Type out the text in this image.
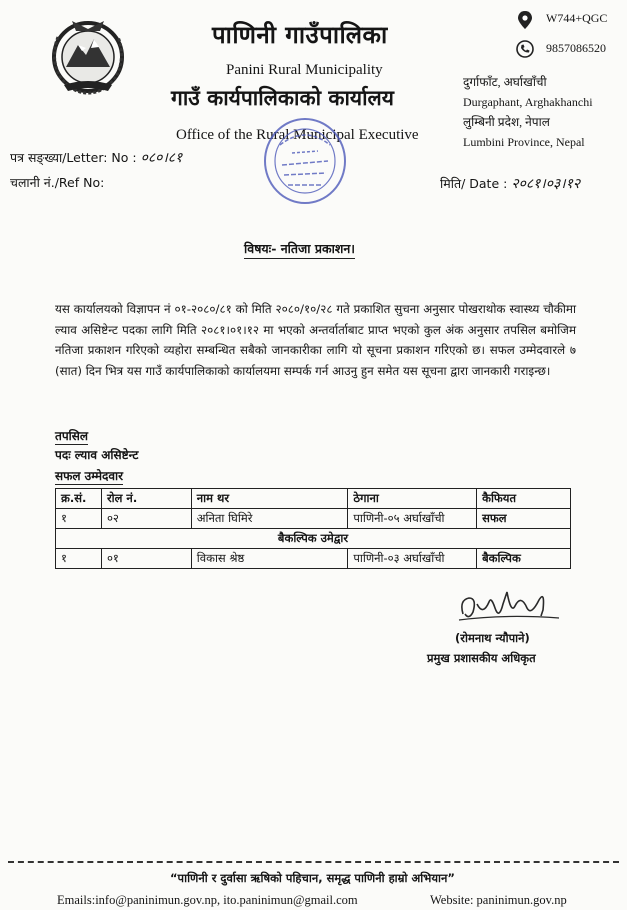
पाणिनी गाउँपालिका
Panini Rural Municipality
गाउँ कार्यपालिकाको कार्यालय
Office of the Rural Municipal Executive
W744+QGC
9857086520
दुर्गाफाँट, अर्घाखाँची
Durgaphant, Arghakhanchi
लुम्बिनी प्रदेश, नेपाल
Lumbini Province, Nepal
पत्र सङ्ख्या/Letter: No : ०८०।८१
चलानी नं./Ref No:	मिति/ Date : २०८१।०३।१२
विषयः- नतिजा प्रकाशन।
यस कार्यालयको विज्ञापन नं ०१-२०८०/८१ को मिति २०८०/१०/२८ गते प्रकाशित सुचना अनुसार पोखराथोक स्वास्थ्य चौकीमा ल्याव असिष्टेन्ट पदका लागि मिति २०८१।०१।१२ मा भएको अन्तर्वार्ताबाट प्राप्त भएको कुल अंक अनुसार तपसिल बमोजिम नतिजा प्रकाशन गरिएको व्यहोरा सम्बन्धित सबैको जानकारीका लागि यो सूचना प्रकाशन गरिएको छ। सफल उम्मेदवारले ७ (सात) दिन भित्र यस गाउँ कार्यपालिकाको कार्यालयमा सम्पर्क गर्न आउनु हुन समेत यस सूचना द्वारा जानकारी गराइन्छ।
तपसिल
पदः ल्याव असिष्टेन्ट
सफल उम्मेदवार
क्र.सं.	रोल नं.	नाम थर	ठेगाना	कैफियत
१	०२	अनिता घिमिरे	पाणिनी-०५ अर्घाखाँची	सफल
बैकल्पिक उमेद्वार				
१	०१	विकास श्रेष्ठ	पाणिनी-०३ अर्घाखाँची	बैकल्पिक
(रोमनाथ न्यौपाने)
प्रमुख प्रशासकीय अधिकृत
“पाणिनी र दुर्वासा ऋषिको पहिचान, समृद्ध पाणिनी हाम्रो अभियान”
Emails:info@paninimun.gov.np, ito.paninimun@gmail.com	Website: paninimun.gov.np
